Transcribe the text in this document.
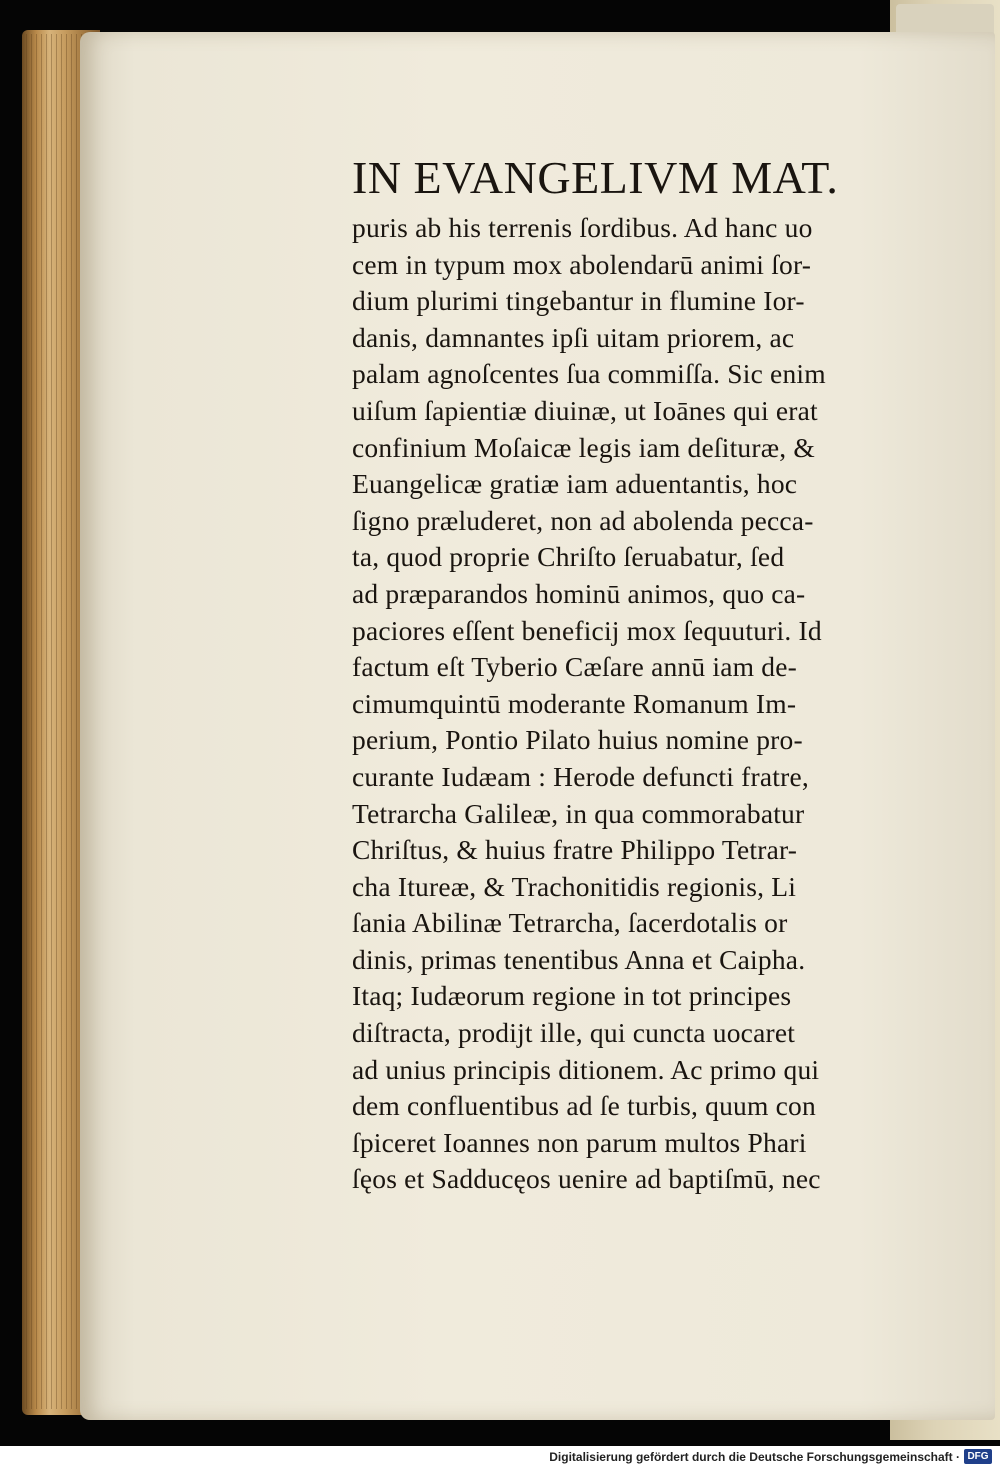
IN EVANGELIVM MAT.
puris ab his terrenis ſordibus. Ad hanc uo
cem in typum mox abolendarū animi ſor-
dium plurimi tingebantur in flumine Ior-
danis, damnantes ipſi uitam priorem, ac
palam agnoſcentes ſua commiſſa. Sic enim
uiſum ſapientiæ diuinæ, ut Ioānes qui erat
confinium Moſaicæ legis iam deſituræ, &
Euangelicæ gratiæ iam aduentantis, hoc
ſigno præluderet, non ad abolenda pecca-
ta, quod proprie Chriſto ſeruabatur, ſed
ad præparandos hominū animos, quo ca-
paciores eſſent beneficij mox ſequuturi. Id
factum eſt Tyberio Cæſare annū iam de-
cimumquintū moderante Romanum Im-
perium, Pontio Pilato huius nomine pro-
curante Iudæam : Herode defuncti fratre,
Tetrarcha Galileæ, in qua commorabatur
Chriſtus, & huius fratre Philippo Tetrar-
cha Itureæ, & Trachonitidis regionis, Li
ſania Abilinæ Tetrarcha, ſacerdotalis or
dinis, primas tenentibus Anna et Caipha.
Itaq; Iudæorum regione in tot principes
diſtracta, prodijt ille, qui cuncta uocaret
ad unius principis ditionem. Ac primo qui
dem confluentibus ad ſe turbis, quum con
ſpiceret Ioannes non parum multos Phari
ſęos et Sadducęos uenire ad baptiſmū, nec
Digitalisierung gefördert durch die Deutsche Forschungsgemeinschaft · DFG
